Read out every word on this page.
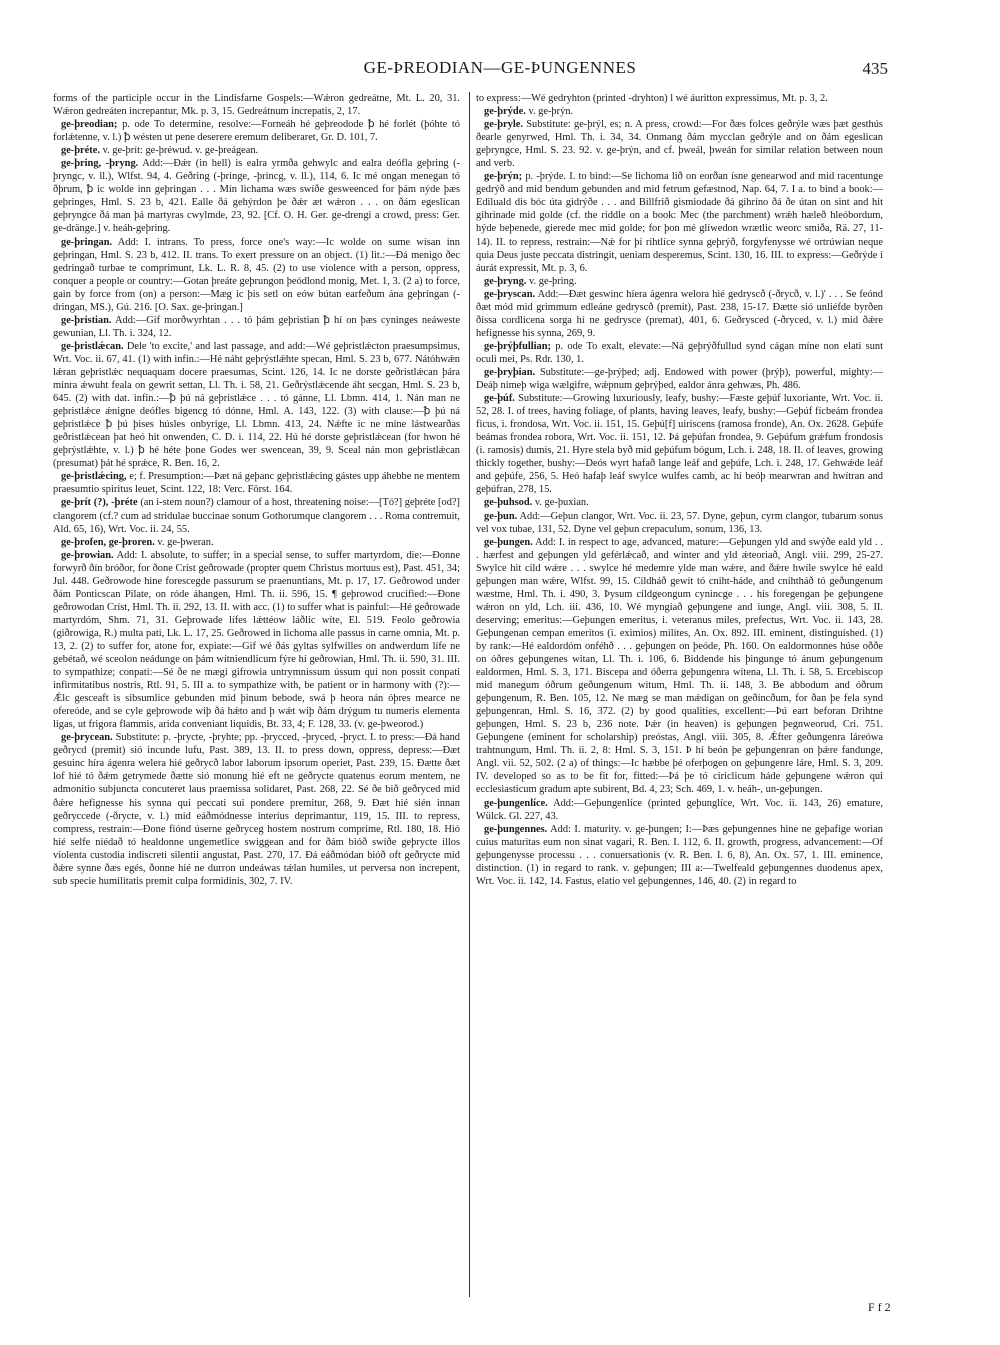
GE-ÞREODIAN—GE-ÞUNGENNES	435

forms of the participle occur in the Lindisfarne Gospels:—Wǽron gedreátne, Mt. L. 20, 31. Wǽron gedreáten increpantur, Mk. p. 3, 15. Gedreátnum increpatis, 2, 17.

ge-þreodian; p. ode To determine, resolve:—Forneáh hé geþreodode ꝥ hé forlét (þóhte tó forlǽtenne, v. l.) ꝥ wésten ut pene deserere eremum deliberaret, Gr. D. 101, 7.

ge-þréte. v. ge-þrít: ge-þréwud. v. ge-þreágean.

ge-þring, -þryng. Add:—Ðǽr (in hell) is ealra yrmða gehwylc and ealra deófla geþring (-þryngc, v. ll.), Wlfst. 94, 4. Geðring (-þringe, -þrincg, v. ll.), 114, 6. Ic mé ongan menegan tó ðþrum, ꝥ ic wolde inn geþringan . . . Mín lichama wæs swíðe gesweenced for þám nýde þæs geþringes, Hml. S. 23 b, 421. Ealle ðá gehýrdon þe ðǽr æt wǽron . . . on ðám egeslican geþryngce ðá man þá martyras cwylmde, 23, 92. [Cf. O. H. Ger. ge-drengi a crowd, press: Ger. ge-dränge.] v. heáh-geþring.

ge-þringan. Add: I. intrans. To press, force one's way:—Ic wolde on sume wísan inn geþringan, Hml. S. 23 b, 412. II. trans. To exert pressure on an object. (1) lit.:—Ðá menigo ðec gedringað turbae te comprimunt, Lk. L. R. 8, 45. (2) to use violence with a person, oppress, conquer a people or country:—Gotan þreáte geþrungon þeódlond monig, Met. 1, 3. (2 a) to force, gain by force from (on) a person:—Mæg ic þis setl on eów bútan earfeðum ána geþringan (-dringan, MS.), Gú. 216. [O. Sax. ge-þringan.]

ge-þristian. Add:—Gif morðwyrhtan . . . tó þám geþristian ꝥ hí on þæs cyninges neáweste gewunian, Ll. Th. i. 324, 12.

ge-þristlǽcan. Dele 'to excite,' and last passage, and add:—Wé geþristlǽcton praesumpsimus, Wrt. Voc. ii. 67, 41. (1) with infin.:—Hé náht geþrýstlǽhte specan, Hml. S. 23 b, 677. Nátóhwǽn lǽran geþristlǽc nequaquam docere praesumas, Scint. 126, 14. Ic ne dorste geðristlǽcan þára mínra ǽwuht feala on gewrit settan, Ll. Th. i. 58, 21. Geðrýstlǽcende áht secgan, Hml. S. 23 b, 645. (2) with dat. infin.:—ꝥ þú ná geþristlǽce . . . tó gánne, Ll. Lbmn. 414, 1. Nán man ne geþristlǽce ǽnigne deófles bigencg tó dónne, Hml. A. 143, 122. (3) with clause:—ꝥ þú ná geþristlǽce ꝥ þú þises húsles onbyrige, Ll. Lbmn. 413, 24. Nǽfte ic ne míne lástwearðas geðristlǽcean þat heó hit onwenden, C. D. i. 114, 22. Hú hé dorste geþristlǽcean (for hwon hé geþrýstlǽhte, v. l.) ꝥ hé héte þone Godes wer swencean, 39, 9. Sceal nán mon geþristlǽcan (presumat) þát hé sprǽce, R. Ben. 16, 2.

ge-þristlǽcing, e; f. Presumption:—Þæt ná geþanc geþristlǽcing gástes upp áhebbe ne mentem praesumtio spiritus leuet, Scint. 122, 18: Verc. Först. 164.

ge-þrít (?), -þréte (an i-stem noun?) clamour of a host, threatening noise:—[Tó?] geþréte [od?] clangorem (cf.? cum ad stridulae buccinae sonum Gothorumque clangorem . . . Roma contremuit, Ald. 65, 16), Wrt. Voc. ii. 24, 55.

ge-þrofen, ge-þroren. v. ge-þweran.

ge-þrowian. Add: I. absolute, to suffer; in a special sense, to suffer martyrdom, die:—Ðonne forwyrð ðín bróðor, for ðone Críst geðrowade (propter quem Christus mortuus est), Past. 451, 34; Jul. 448. Geðrowode hine forescegde passurum se praenuntians, Mt. p. 17, 17. Geðrowod under ðám Ponticscan Pilate, on róde áhangen, Hml. Th. ii. 596, 15. ¶ geþrowod crucified:—Ðone geðrowodan Críst, Hml. Th. ii. 292, 13. II. with acc. (1) to suffer what is painful:—Hé geðrowade martyrdóm, Shm. 71, 31. Geþrowade lífes lǽttéow láðlic wíte, El. 519. Feolo geðrowia (giðrowiga, R.) multa pati, Lk. L. 17, 25. Geðrowed in lichoma alle passus in carne omnia, Mt. p. 13, 2. (2) to suffer for, atone for, expiate:—Gif wé ðás gyltas sylfwilles on andwerdum lífe ne gebétað, wé sceolon neádunge on þám wítniendlicum fýre hí geðrowian, Hml. Th. ii. 590, 31. III. to sympathize; conpati:—Sé ðe ne mægi gifrowia untrymnissum ússum qui non possit conpati infirmitatibus nostris, Rtl. 91, 5. III a. to sympathize with, be patient or in harmony with (?):—Ǽlc gesceaft is sibsumlíce gebunden mid þinum bebode, swá þ heora nán óþres mearce ne ofereóde, and se cyle geþrowode wiþ ðá hǽto and þ wǽt wiþ ðám drýgum tu numeris elementa ligas, ut frigora flammis, arida conveniant liquidis, Bt. 33, 4; F. 128, 33. (v. ge-þweorod.)

ge-þrycean. Substitute: p. -þrycte, -þryhte; pp. -þrycced, -þryced, -þryct. I. to press:—Ðá hand geðrycd (premit) sió incunde lufu, Past. 389, 13. II. to press down, oppress, depress:—Ðæt gesuinc híra ágenra welera hié geðrycð labor laborum ipsorum operiet, Past. 239, 15. Ðætte ðæt lof hié tó ðǽm getrymede ðætte sió monung hié eft ne geðrycte quatenus eorum mentem, ne admonitio subjuncta concuteret laus praemissa solidaret, Past. 268, 22. Sé ðe bið geðryced mid ðǽre hefignesse his synna qui peccati sui pondere premitur, 268, 9. Ðæt hié sién innan geðryccede (-ðrycte, v. l.) mid eáðmódnesse interius deprimantur, 119, 15. III. to repress, compress, restrain:—Ðone fiónd úserne geðryceg hostem nostrum comprime, Rtl. 180, 18. Hió hié selfe niédað tó healdonne ungemetlice swiggean and for ðám bióð swíðe geþrycte illos violenta custodia indiscreti silentii angustat, Past. 270, 17. Ðá eáðmódan bióð oft geðrycte mid ðǽre synne ðæs egés, ðonne hié ne durron undeáwas tǽlan humiles, ut perversa non increpent, sub specie humilitatis premit culpa formidinis, 302, 7. IV.

to express:—Wé gedryhton (printed -dryhton) l wé áuritton expressimus, Mt. p. 3, 2.

ge-þrýde. v. ge-þrýn.

ge-þryle. Substitute: ge-þrýl, es; n. A press, crowd:—For ðæs folces geðrýle wæs þæt gesthús ðearle genyrwed, Hml. Th. i. 34, 34. Onmang ðám mycclan geðrýle and on ðám egeslican geþryngce, Hml. S. 23. 92. v. ge-þrýn, and cf. þweál, þweán for similar relation between noun and verb.

ge-þrýn; p. -þrýde. I. to bind:—Se lichoma lið on eorðan ísne genearwod and mid racentunge gedrýð and mid bendum gebunden and mid fetrum gefæstnod, Nap. 64, 7. I a. to bind a book:—Ediluald dis bóc úta gidrýðe . . . and Billfrið gismiodade ðá gihríno ðá ðe útan on sint and hit gihrinade mid golde (cf. the riddle on a book: Mec (the parchment) wrǽh hæleð hleóbordum, hýde beþenede, gierede mec mid golde; for þon mé glíwedon wrætlic weorc smiða, Rä. 27, 11-14). II. to repress, restrain:—Nǽ for þí rihtlíce synna geþrýð, forgyfenysse wé ortrúwian neque quia Deus juste peccata distringit, ueniam desperemus, Scint. 130, 16. III. to express:—Geðrýde í áurát expressit, Mt. p. 3, 6.

ge-þryng. v. ge-þring.

ge-þryscan. Add:—Ðæt geswinc híera ágenra welora hié gedryscð (-ðrycð, v. l.)' . . . Se feónd ðæt mód mid grimmum edleáne gedryscð (premit), Past. 238, 15-17. Ðætte sió unliéfde byrðen ðissa cordlicena sorga hí ne gedrysce (premat), 401, 6. Geðrysced (-ðryced, v. l.) mid ðǽre hefignesse his synna, 269, 9.

ge-þrýþfullian; p. ode To exalt, elevate:—Ná geþrýðfullud synd cágan míne non elati sunt oculi mei, Ps. Rdr. 130, 1.

ge-þryþian. Substitute:—ge-þrýþed; adj. Endowed with power (þrýþ), powerful, mighty:—Deáþ nimeþ wiga wælgifre, wǽpnum geþrýþed, ealdor ánra gehwæs, Ph. 486.

ge-þúf. Substitute:—Growing luxuriously, leafy, bushy:—Fæste geþúf luxoriante, Wrt. Voc. ii. 52, 28. I. of trees, having foliage, of plants, having leaves, leafy, bushy:—Geþúf fícbeám frondea ficus, i. frondosa, Wrt. Voc. ii. 151, 15. Geþú[f] uiriscens (ramosa fronde), An. Ox. 2628. Geþúfe beámas frondea robora, Wrt. Voc. ii. 151, 12. Þá geþúfan frondea, 9. Geþúfum grǽfum frondosis (i. ramosis) dumis, 21. Hyre stela byð mid geþúfum bógum, Lch. i. 248, 18. II. of leaves, growing thickly together, bushy:—Deós wyrt hafað lange leáf and geþúfe, Lch. i. 248, 17. Gehwǽde leáf and geþúfe, 256, 5. Heó hafaþ leáf swylce wulfes camb, ac hí beóþ mearwran and hwítran and geþúfran, 278, 15.

ge-þuhsod. v. ge-þuxian.

ge-þun. Add:—Geþun clangor, Wrt. Voc. ii. 23, 57. Dyne, geþun, cyrm clangor, tubarum sonus vel vox tubae, 131, 52. Dyne vel geþun crepaculum, sonum, 136, 13.

ge-þungen. Add: I. in respect to age, advanced, mature:—Geþungen yld and swýðe eald yld . . . hærfest and geþungen yld geférlǽcað, and winter and yld ǽteoriað, Angl. viii. 299, 25-27. Swylce hit cild wǽre . . . swylce hé medemre ylde man wǽre, and ðǽre hwíle swylce hé eald geþungen man wǽre, Wlfst. 99, 15. Cildháð gewít tó cniht-háde, and cnihtháð tó geðungenum wæstme, Hml. Th. i. 490, 3. Þysum cildgeongum cynincge . . . his foregengan þe geþungene wǽron on yld, Lch. iii. 436, 10. Wé myngiað geþungene and iunge, Angl. viii. 308, 5. II. deserving; emeritus:—Geþungen emeritus, i. veteranus miles, prefectus, Wrt. Voc. ii. 143, 28. Geþungenan cempan emeritos (i. eximios) milites, An. Ox. 892. III. eminent, distinguished. (1) by rank:—Hé ealdordóm onféhð . . . geþungen on þeóde, Ph. 160. On ealdormonnes húse oððe on óðres geþungenes witan, Ll. Th. i. 106, 6. Biddende his þingunge tó ánum geþungenum ealdormen, Hml. S. 3, 171. Biscepa and óðerra geþungenra witena, Ll. Th. i. 58, 5. Ercebiscop mid manegum óðrum geðungenum witum, Hml. Th. ii. 148, 3. Be abbodum and óðrum geþungenum, R. Ben. 105, 12. Ne mæg se man mǽdigan on geðincðum, for ðan þe fela synd geþungenran, Hml. S. 16, 372. (2) by good qualities, excellent:—Þú eart beforan Drihtne geþungen, Hml. S. 23 b, 236 note. Þǽr (in heaven) is geþungen þegnweorud, Cri. 751. Geþungene (eminent for scholarship) preóstas, Angl. viii. 305, 8. Ǽfter geðungenra láreówa trahtnungum, Hml. Th. ii. 2, 8: Hml. S. 3, 151. Þ hí beón þe geþungenran on þǽre fandunge, Angl. vii. 52, 502. (2 a) of things:—Ic hæbbe þé oferþogen on geþungenre láre, Hml. S. 3, 209. IV. developed so as to be fit for, fitted:—Þá þe tó ciriclicum háde geþungene wǽron qui ecclesiasticum gradum apte subirent, Bd. 4, 23; Sch. 469, 1. v. heáh-, un-geþungen.

ge-þungenlíce. Add:—Geþungenlíce (printed geþunglíce, Wrt. Voc. ii. 143, 26) emature, Wülck. Gl. 227, 43.

ge-þungennes. Add: I. maturity. v. ge-þungen; I:—Þæs geþungennes hine ne geþafige worian cuius maturitas eum non sinat vagari, R. Ben. I. 112, 6. II. growth, progress, advancement:—Of geþungenysse processu . . . conuersationis (v. R. Ben. I. 6, 8), An. Ox. 57, 1. III. eminence, distinction. (1) in regard to rank. v. geþungen; III a:—Twelfeald geþungennes duodenus apex, Wrt. Voc. ii. 142, 14. Fastus, elatio vel geþungennes, 146, 40. (2) in regard to

F f 2
